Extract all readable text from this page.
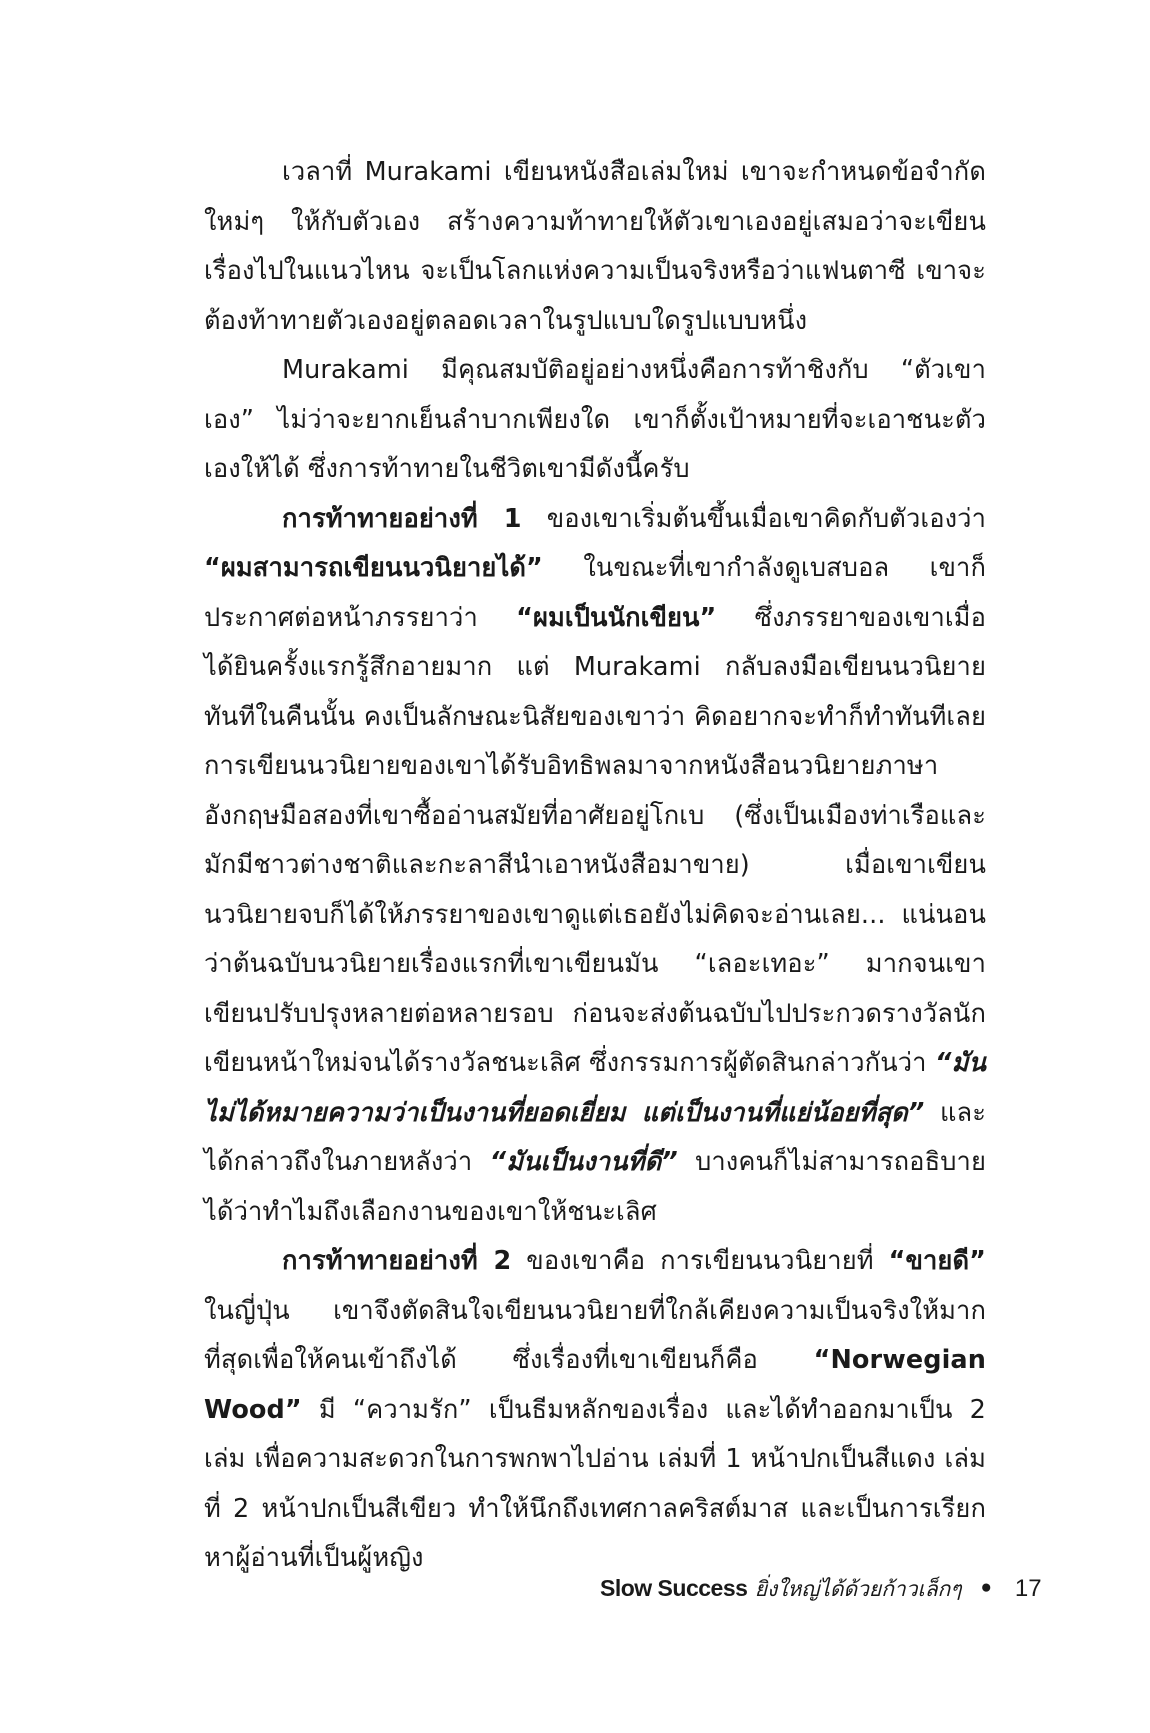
เวลาที่ Murakami เขียนหนังสือเล่มใหม่ เขาจะกำหนดข้อจำกัดใหม่ๆ ให้กับตัวเอง สร้างความท้าทายให้ตัวเขาเองอยู่เสมอว่าจะเขียนเรื่องไปในแนวไหน จะเป็นโลกแห่งความเป็นจริงหรือว่าแฟนตาซี เขาจะต้องท้าทายตัวเองอยู่ตลอดเวลาในรูปแบบใดรูปแบบหนึ่ง

Murakami มีคุณสมบัติอยู่อย่างหนึ่งคือการท้าชิงกับ “ตัวเขาเอง” ไม่ว่าจะยากเย็นลำบากเพียงใด เขาก็ตั้งเป้าหมายที่จะเอาชนะตัวเองให้ได้ ซึ่งการท้าทายในชีวิตเขามีดังนี้ครับ

การท้าทายอย่างที่ 1 ของเขาเริ่มต้นขึ้นเมื่อเขาคิดกับตัวเองว่า “ผมสามารถเขียนนวนิยายได้” ในขณะที่เขากำลังดูเบสบอล เขาก็ประกาศต่อหน้าภรรยาว่า “ผมเป็นนักเขียน” ซึ่งภรรยาของเขาเมื่อได้ยินครั้งแรกรู้สึกอายมาก แต่ Murakami กลับลงมือเขียนนวนิยายทันทีในคืนนั้น คงเป็นลักษณะนิสัยของเขาว่า คิดอยากจะทำก็ทำทันทีเลย การเขียนนวนิยายของเขาได้รับอิทธิพลมาจากหนังสือนวนิยายภาษาอังกฤษมือสองที่เขาซื้ออ่านสมัยที่อาศัยอยู่โกเบ (ซึ่งเป็นเมืองท่าเรือและมักมีชาวต่างชาติและกะลาสีนำเอาหนังสือมาขาย) เมื่อเขาเขียนนวนิยายจบก็ได้ให้ภรรยาของเขาดูแต่เธอยังไม่คิดจะอ่านเลย... แน่นอนว่าต้นฉบับนวนิยายเรื่องแรกที่เขาเขียนมัน “เลอะเทอะ” มากจนเขาเขียนปรับปรุงหลายต่อหลายรอบ ก่อนจะส่งต้นฉบับไปประกวดรางวัลนักเขียนหน้าใหม่จนได้รางวัลชนะเลิศ ซึ่งกรรมการผู้ตัดสินกล่าวกันว่า “มันไม่ได้หมายความว่าเป็นงานที่ยอดเยี่ยม แต่เป็นงานที่แย่น้อยที่สุด” และได้กล่าวถึงในภายหลังว่า “มันเป็นงานที่ดี” บางคนก็ไม่สามารถอธิบายได้ว่าทำไมถึงเลือกงานของเขาให้ชนะเลิศ

การท้าทายอย่างที่ 2 ของเขาคือ การเขียนนวนิยายที่ “ขายดี” ในญี่ปุ่น เขาจึงตัดสินใจเขียนนวนิยายที่ใกล้เคียงความเป็นจริงให้มากที่สุดเพื่อให้คนเข้าถึงได้ ซึ่งเรื่องที่เขาเขียนก็คือ “Norwegian Wood” มี “ความรัก” เป็นธีมหลักของเรื่อง และได้ทำออกมาเป็น 2 เล่ม เพื่อความสะดวกในการพกพาไปอ่าน เล่มที่ 1 หน้าปกเป็นสีแดง เล่มที่ 2 หน้าปกเป็นสีเขียว ทำให้นึกถึงเทศกาลคริสต์มาส และเป็นการเรียกหาผู้อ่านที่เป็นผู้หญิง

Slow Success ยิ่งใหญ่ได้ด้วยก้าวเล็กๆ • 17
